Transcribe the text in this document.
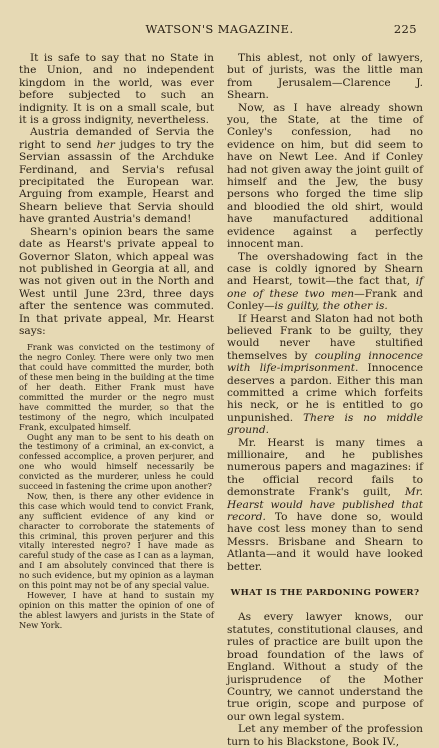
WATSON'S MAGAZINE.	225

It is safe to say that no State in the Union, and no independent kingdom in the world, was ever before subjected to such an indignity. It is on a small scale, but it is a gross indignity, nevertheless.

Austria demanded of Servia the right to send her judges to try the Servian assassin of the Archduke Ferdinand, and Servia's refusal precipitated the European war. Arguing from example, Hearst and Shearn believe that Servia should have granted Austria's demand!

Shearn's opinion bears the same date as Hearst's private appeal to Governor Slaton, which appeal was not published in Georgia at all, and was not given out in the North and West until June 23rd, three days after the sentence was commuted. In that private appeal, Mr. Hearst says:

Frank was convicted on the testimony of the negro Conley. There were only two men that could have committed the murder, both of these men being in the building at the time of her death. Either Frank must have committed the murder or the negro must have committed the murder, so that the testimony of the negro, which inculpated Frank, exculpated himself.

Ought any man to be sent to his death on the testimony of a criminal, an ex-convict, a confessed accomplice, a proven perjurer, and one who would himself necessarily be convicted as the murderer, unless he could succeed in fastening the crime upon another?

Now, then, is there any other evidence in this case which would tend to convict Frank, any sufficient evidence of any kind or character to corroborate the statements of this criminal, this proven perjurer and this vitally interested negro? I have made as careful study of the case as I can as a layman, and I am absolutely convinced that there is no such evidence, but my opinion as a layman on this point may not be of any special value.

However, I have at hand to sustain my opinion on this matter the opinion of one of the ablest lawyers and jurists in the State of New York.

This ablest, not only of lawyers, but of jurists, was the little man from Jerusalem—Clarence J. Shearn.

Now, as I have already shown you, the State, at the time of Conley's confession, had no evidence on him, but did seem to have on Newt Lee. And if Conley had not given away the joint guilt of himself and the Jew, the busy persons who forged the time slip and bloodied the old shirt, would have manufactured additional evidence against a perfectly innocent man.

The overshadowing fact in the case is coldly ignored by Shearn and Hearst, towit—the fact that, if one of these two men—Frank and Conley—is guilty, the other is.

If Hearst and Slaton had not both believed Frank to be guilty, they would never have stultified themselves by coupling innocence with life-imprisonment. Innocence deserves a pardon. Either this man committed a crime which forfeits his neck, or he is entitled to go unpunished. There is no middle ground.

Mr. Hearst is many times a millionaire, and he publishes numerous papers and magazines: if the official record fails to demonstrate Frank's guilt, Mr. Hearst would have published that record. To have done so, would have cost less money than to send Messrs. Brisbane and Shearn to Atlanta—and it would have looked better.

WHAT IS THE PARDONING POWER?

As every lawyer knows, our statutes, constitutional clauses, and rules of practice are built upon the broad foundation of the laws of England. Without a study of the jurisprudence of the Mother Country, we cannot understand the true origin, scope and purpose of our own legal system.

Let any member of the profession turn to his Blackstone, Book IV.,
